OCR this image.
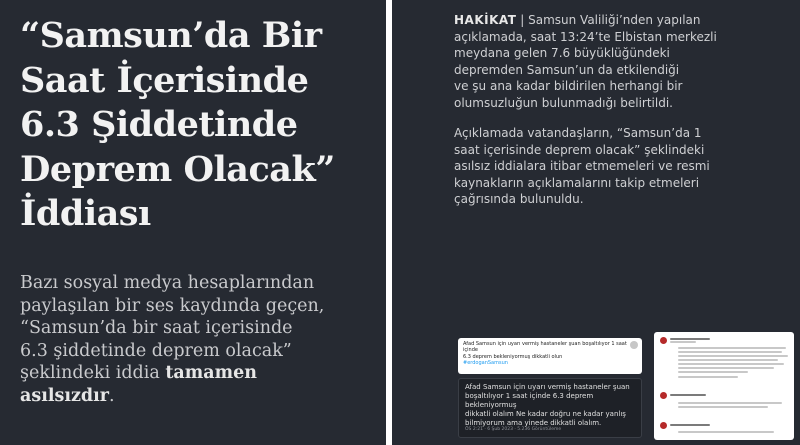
“Samsun’da Bir
Saat İçerisinde
6.3 Şiddetinde
Deprem Olacak”
İddiası

Bazı sosyal medya hesaplarından
paylaşılan bir ses kaydında geçen,
“Samsun’da bir saat içerisinde
6.3 şiddetinde deprem olacak”
şeklindeki iddia tamamen
asılsızdır.

HAKİKAT | Samsun Valiliği’nden yapılan
açıklamada, saat 13:24’te Elbistan merkezli
meydana gelen 7.6 büyüklüğündeki
depremden Samsun’un da etkilendiği
ve şu ana kadar bildirilen herhangi bir
olumsuzluğun bulunmadığı belirtildi.

Açıklamada vatandaşların, “Samsun’da 1
saat içerisinde deprem olacak” şeklindeki
asılsız iddialara itibar etmemeleri ve resmi
kaynakların açıklamalarını takip etmeleri
çağrısında bulunuldu.

Afad Samsun için uyarı vermiş hastaneler şuan boşaltılıyor 1 saat içinde
6.3 deprem bekleniyormuş dikkatli olun
#erdoganSamsun
Afad Samsun için uyarı vermiş hastaneler şuan
boşaltılıyor 1 saat içinde 6.3 deprem bekleniyormuş
dikkatli olalım Ne kadar doğru ne kadar yanlış
bilmiyorum ama yinede dikkatli olalım.
ÖS 2:21 · 6 Şub 2023 · 5.236 Görüntüleme
